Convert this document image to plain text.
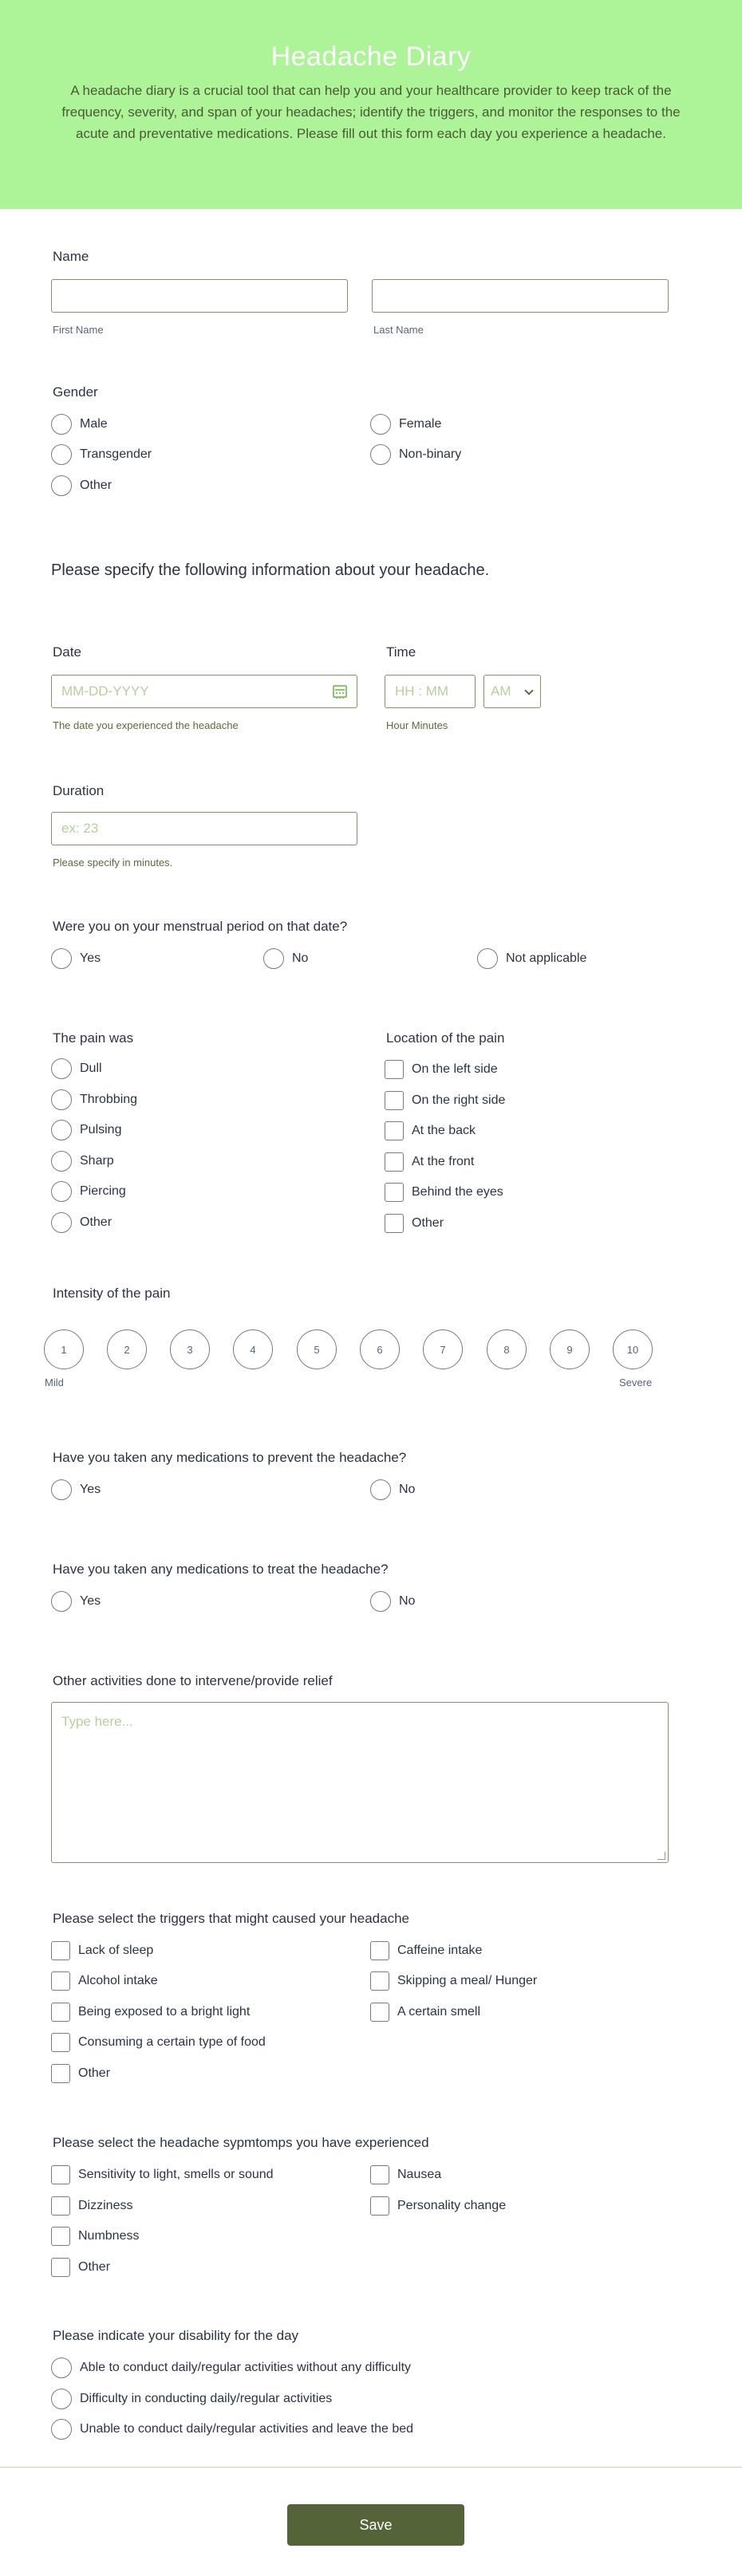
Headache Diary

A headache diary is a crucial tool that can help you and your healthcare provider to keep track of the frequency, severity, and span of your headaches; identify the triggers, and monitor the responses to the acute and preventative medications. Please fill out this form each day you experience a headache.

Name
First Name	Last Name
Gender
Male	Female
Transgender	Non-binary
Other
Please specify the following information about your headache.
Date
MM-DD-YYYY
The date you experienced the headache
Time
HH : MM	AM
Hour Minutes
Duration
ex: 23
Please specify in minutes.
Were you on your menstrual period on that date?
Yes	No	Not applicable
The pain was
Dull
Throbbing
Pulsing
Sharp
Piercing
Other
Location of the pain
On the left side
On the right side
At the back
At the front
Behind the eyes
Other
Intensity of the pain
1	2	3	4	5	6	7	8	9	10
Mild	Severe
Have you taken any medications to prevent the headache?
Yes	No
Have you taken any medications to treat the headache?
Yes	No
Other activities done to intervene/provide relief
Type here...
Please select the triggers that might caused your headache
Lack of sleep	Caffeine intake
Alcohol intake	Skipping a meal/ Hunger
Being exposed to a bright light	A certain smell
Consuming a certain type of food
Other
Please select the headache sypmtomps you have experienced
Sensitivity to light, smells or sound	Nausea
Dizziness	Personality change
Numbness
Other
Please indicate your disability for the day
Able to conduct daily/regular activities without any difficulty
Difficulty in conducting daily/regular activities
Unable to conduct daily/regular activities and leave the bed
Save
